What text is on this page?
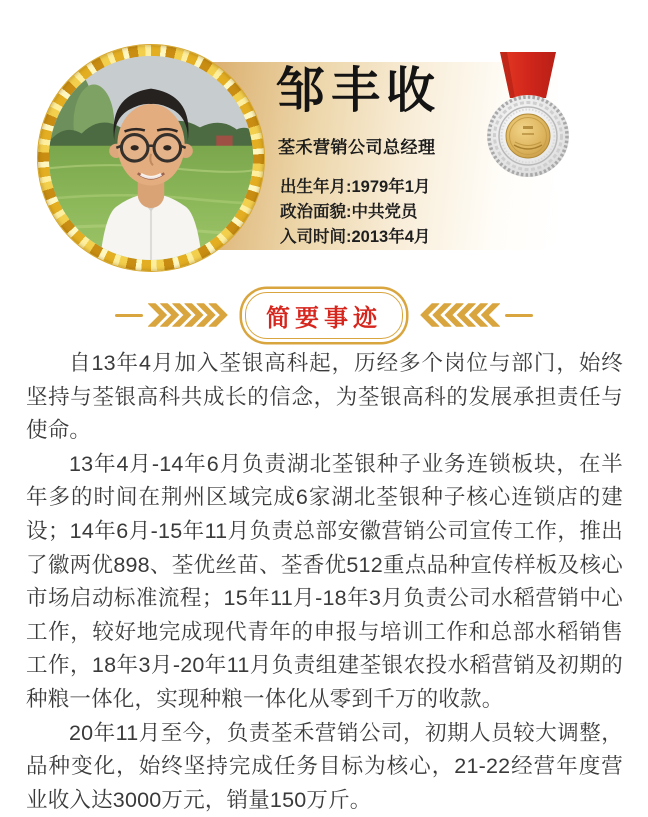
邹丰收
荃禾营销公司总经理
出生年月:1979年1月
政治面貌:中共党员
入司时间:2013年4月
简要事迹

自13年4月加入荃银高科起，历经多个岗位与部门，始终坚持与荃银高科共成长的信念，为荃银高科的发展承担责任与使命。

13年4月-14年6月负责湖北荃银种子业务连锁板块，在半年多的时间在荆州区域完成6家湖北荃银种子核心连锁店的建设；14年6月-15年11月负责总部安徽营销公司宣传工作，推出了徽两优898、荃优丝苗、荃香优512重点品种宣传样板及核心市场启动标准流程；15年11月-18年3月负责公司水稻营销中心工作，较好地完成现代青年的申报与培训工作和总部水稻销售工作，18年3月-20年11月负责组建荃银农投水稻营销及初期的种粮一体化，实现种粮一体化从零到千万的收款。

20年11月至今，负责荃禾营销公司，初期人员较大调整，品种变化，始终坚持完成任务目标为核心，21-22经营年度营业收入达3000万元，销量150万斤。
